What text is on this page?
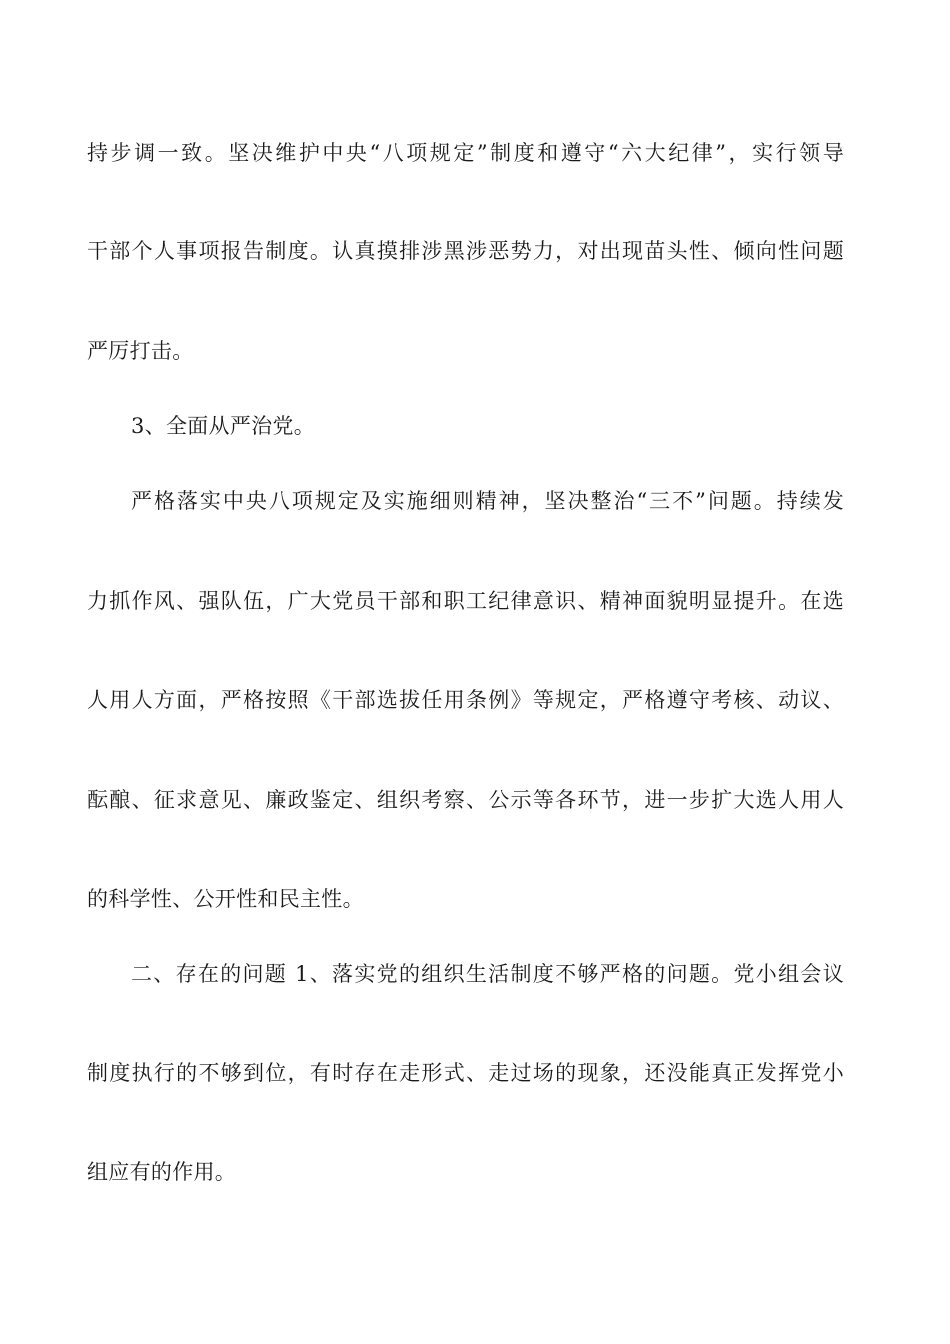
持步调一致。坚决维护中央“八项规定”制度和遵守“六大纪律”，实行领导
干部个人事项报告制度。认真摸排涉黑涉恶势力，对出现苗头性、倾向性问题
严厉打击。
3、全面从严治党。
严格落实中央八项规定及实施细则精神，坚决整治“三不”问题。持续发
力抓作风、强队伍，广大党员干部和职工纪律意识、精神面貌明显提升。在选
人用人方面，严格按照《干部选拔任用条例》等规定，严格遵守考核、动议、
酝酿、征求意见、廉政鉴定、组织考察、公示等各环节，进一步扩大选人用人
的科学性、公开性和民主性。
二、存在的问题 1、落实党的组织生活制度不够严格的问题。党小组会议
制度执行的不够到位，有时存在走形式、走过场的现象，还没能真正发挥党小
组应有的作用。
